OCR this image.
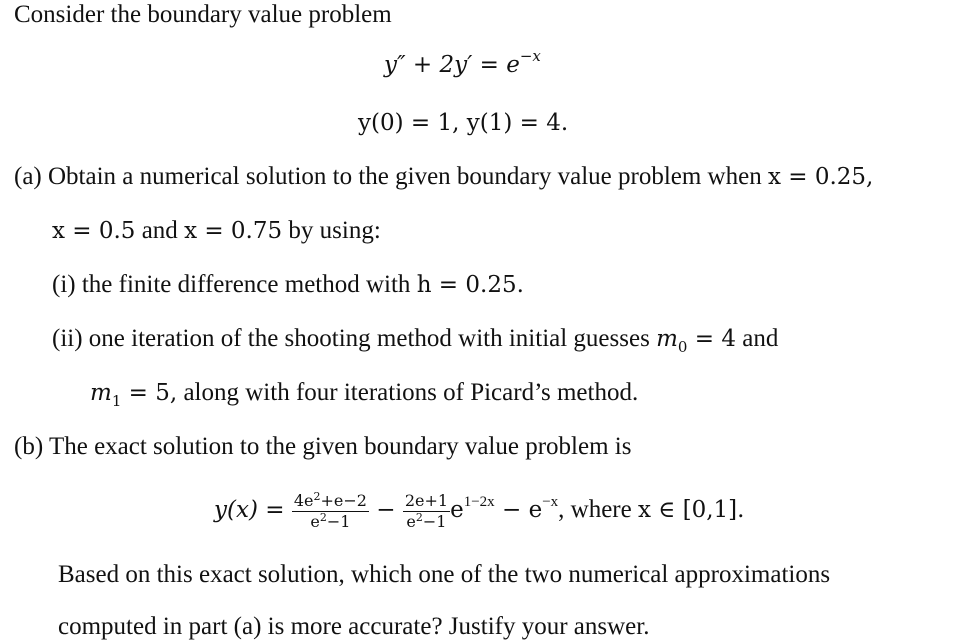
Consider the boundary value problem
$y'' + 2y' = e^{-x}$
y(0) = 1, y(1) = 4.
(a) Obtain a numerical solution to the given boundary value problem when x = 0.25,
x = 0.5 and x = 0.75 by using:
(i) the finite difference method with h = 0.25.
(ii) one iteration of the shooting method with initial guesses $m_0 = 4$ and
$m_1 = 5$, along with four iterations of Picard’s method.
(b) The exact solution to the given boundary value problem is
$y(x) = \frac{4e^2+e-2}{e^2-1} - \frac{2e+1}{e^2-1} e^{1-2x} - e^{-x}$, where x ∈ [0,1].
Based on this exact solution, which one of the two numerical approximations
computed in part (a) is more accurate? Justify your answer.
